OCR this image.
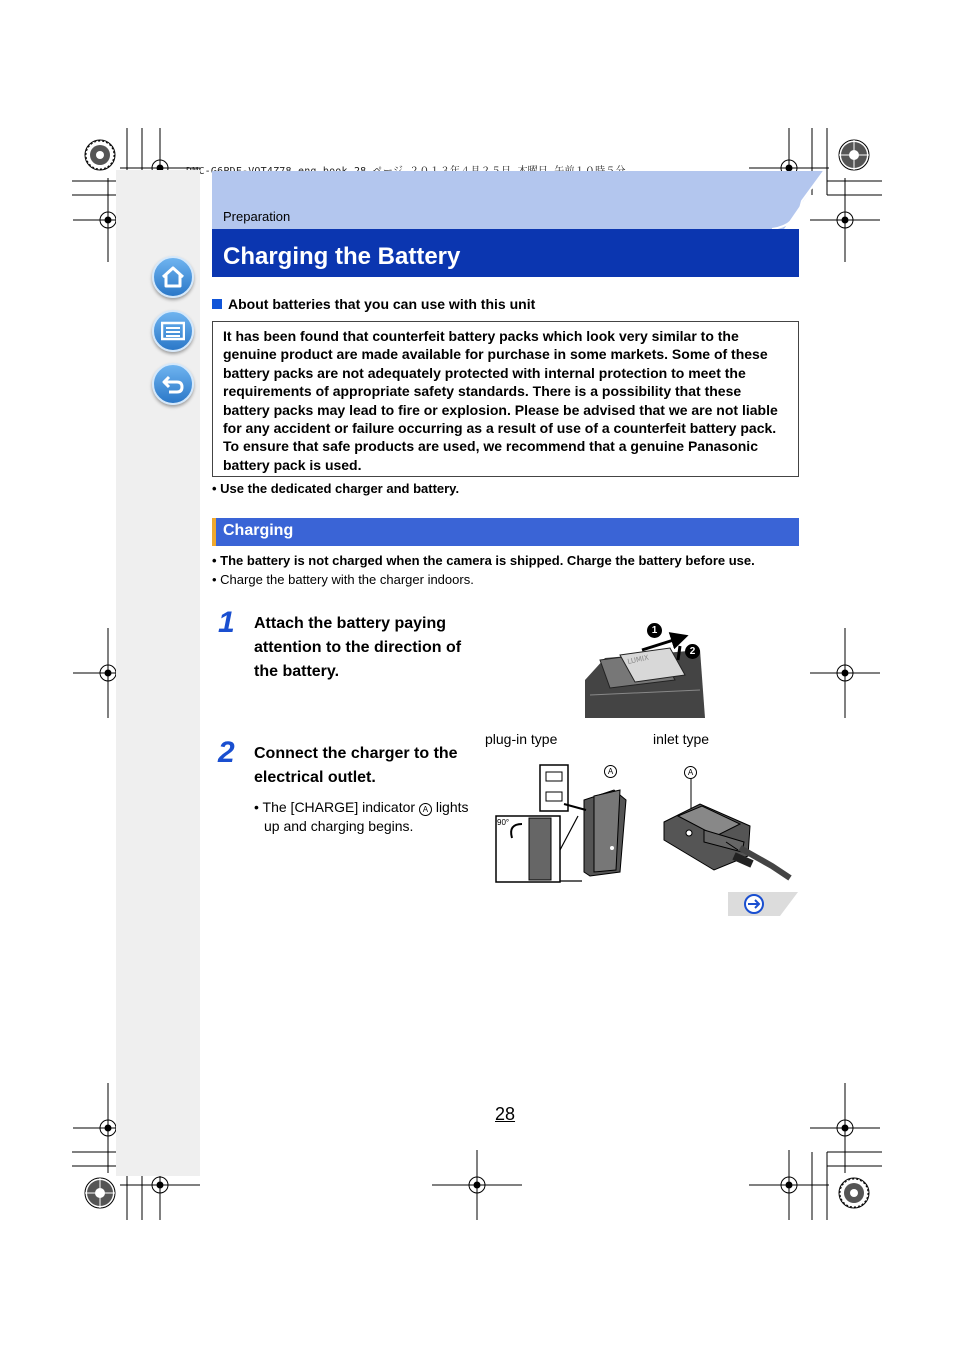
Preparation
Charging the Battery
About batteries that you can use with this unit
It has been found that counterfeit battery packs which look very similar to the genuine product are made available for purchase in some markets. Some of these battery packs are not adequately protected with internal protection to meet the requirements of appropriate safety standards. There is a possibility that these battery packs may lead to fire or explosion. Please be advised that we are not liable for any accident or failure occurring as a result of use of a counterfeit battery pack. To ensure that safe products are used, we recommend that a genuine Panasonic battery pack is used.
• Use the dedicated charger and battery.
Charging
• The battery is not charged when the camera is shipped. Charge the battery before use.
• Charge the battery with the charger indoors.
1 Attach the battery paying attention to the direction of the battery.
LUMIX
1
2
2 Connect the charger to the electrical outlet.
• The [CHARGE] indicator A lights up and charging begins.
plug-in type	inlet type
90°
A	A
28
